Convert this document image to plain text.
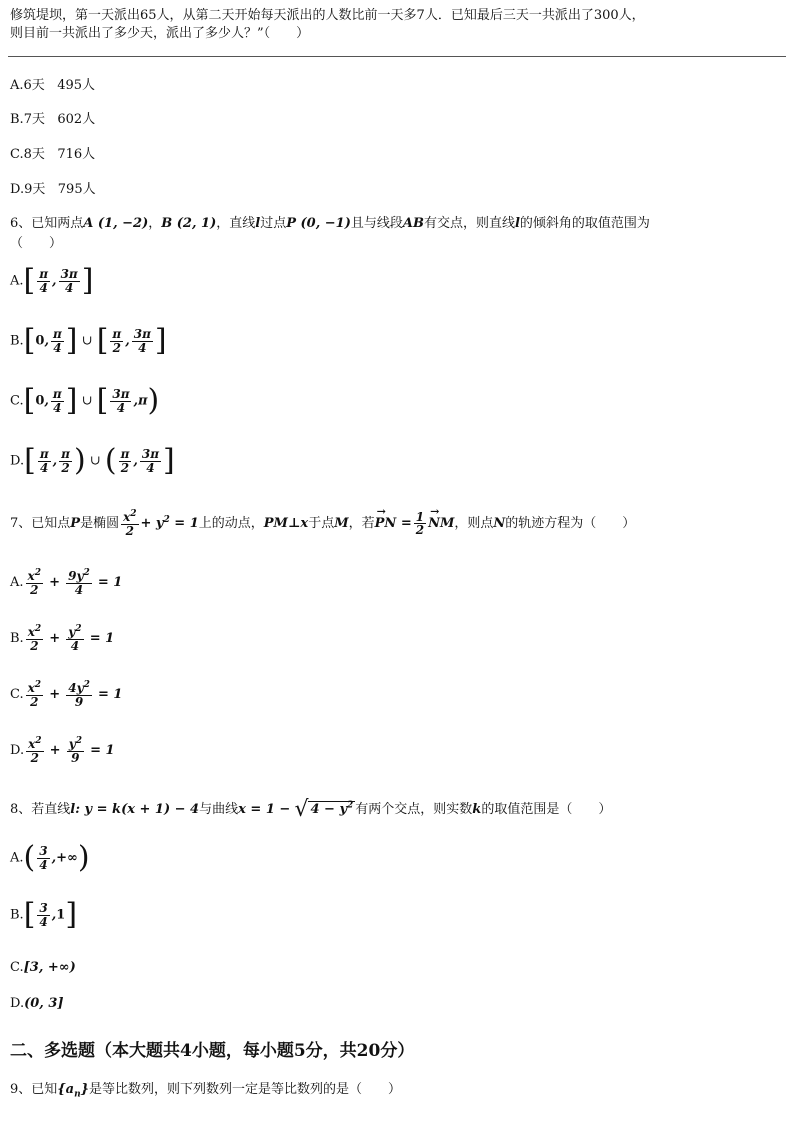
修筑堤坝，第一天派出65人，从第二天开始每天派出的人数比前一天多7人．已知最后三天一共派出了300人，
则目前一共派出了多少天，派出了多少人？”（　　）
A.6天 495人
B.7天 602人
C.8天 716人
D.9天 795人
6、已知两点A (1, −2)，B (2, 1)，直线l过点P (0, −1)且与线段AB有交点，则直线l的倾斜角的取值范围为
（　　）
$A.[ \frac{\pi}{4}$ , $\frac{3\pi}{4}$ ]
B.[0, $\frac{\pi}{4}$ ] ∪ [ $\frac{\pi}{2}$ , $\frac{3\pi}{4}$ ]
C.[0, $\frac{\pi}{4}$ ] ∪ [ $\frac{3\pi}{4} ,\pi$)
$D.[ \frac{\pi}{4}$ , $\frac{\pi}{2}$ ) ∪ ( $\frac{\pi}{2}$ , $\frac{3\pi}{4}$ ]
7、已知点P是椭圆 $\frac{x^2}{2} + y^2 = 1$上的动点，PM⊥x于点M，若→ PN = $\frac{1}{2}$
→ NM，则点N的轨迹方程为（　　）
A. $\frac{x^2}{2} + \frac{9y^2}{4} = 1$
B. $\frac{x^2}{2} + \frac{y^2}{4} = 1$
C. $\frac{x^2}{2} + \frac{4y^2}{9} = 1$
D. $\frac{x^2}{2} + \frac{y^2}{9} = 1$
8、若直线l: y = k(x + 1) − 4与曲线x = 1 − √ $4 - y^2$ 有两个交点，则实数k的取值范围是（　　）
$A.( \frac{3}{4}$ ,+∞)
$B.[ \frac{3}{4} ,1]$
C.[3, +∞)
D.(0, 3]
二、多选题（本大题共4小题，每小题5分，共20分）
9、已知$\{a_n\}$是等比数列，则下列数列一定是等比数列的是（　　）
